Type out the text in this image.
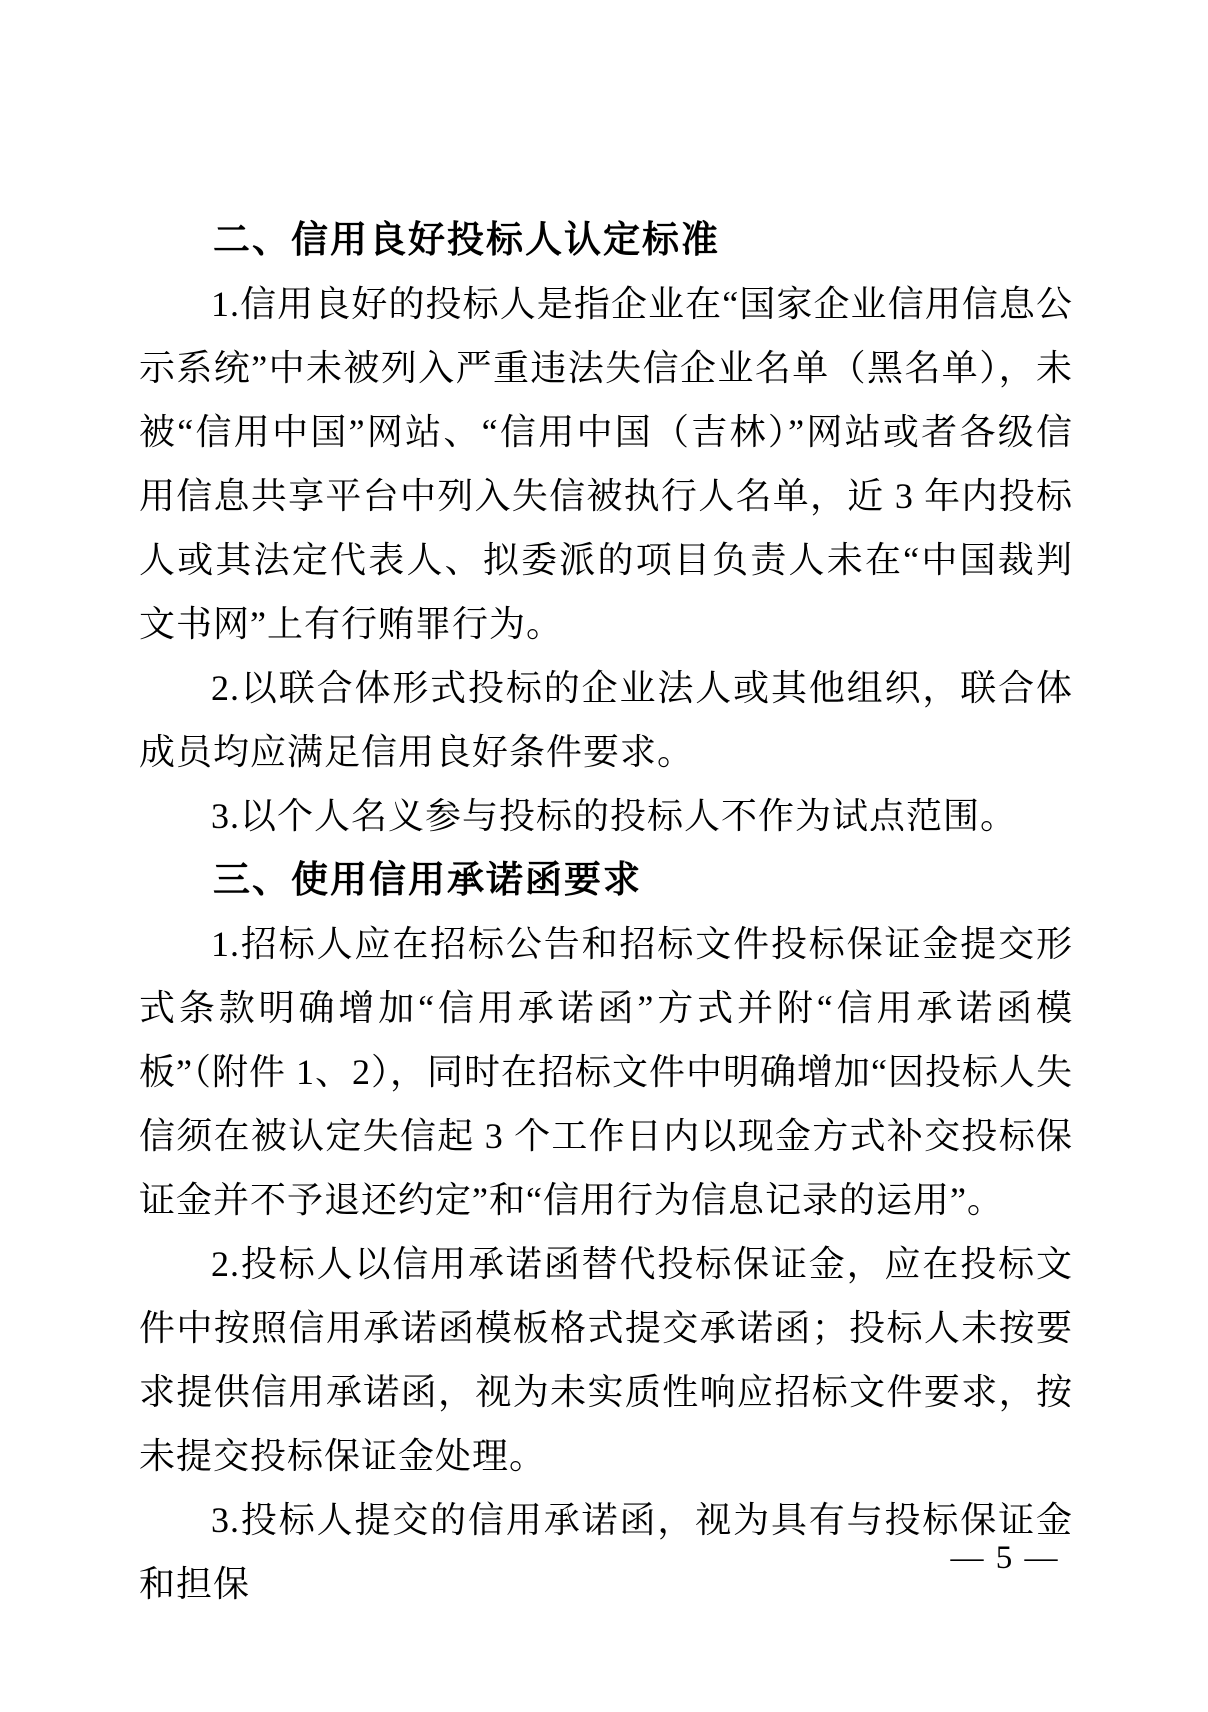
二、信用良好投标人认定标准

1.信用良好的投标人是指企业在“国家企业信用信息公示系统”中未被列入严重违法失信企业名单（黑名单），未被“信用中国”网站、“信用中国（吉林）”网站或者各级信用信息共享平台中列入失信被执行人名单，近 3 年内投标人或其法定代表人、拟委派的项目负责人未在“中国裁判文书网”上有行贿罪行为。

2.以联合体形式投标的企业法人或其他组织，联合体成员均应满足信用良好条件要求。

3.以个人名义参与投标的投标人不作为试点范围。

三、使用信用承诺函要求

1.招标人应在招标公告和招标文件投标保证金提交形式条款明确增加“信用承诺函”方式并附“信用承诺函模板”（附件 1、2），同时在招标文件中明确增加“因投标人失信须在被认定失信起 3 个工作日内以现金方式补交投标保证金并不予退还约定”和“信用行为信息记录的运用”。

2.投标人以信用承诺函替代投标保证金，应在投标文件中按照信用承诺函模板格式提交承诺函；投标人未按要求提供信用承诺函，视为未实质性响应招标文件要求，按未提交投标保证金处理。

3.投标人提交的信用承诺函，视为具有与投标保证金和担保

— 5 —
